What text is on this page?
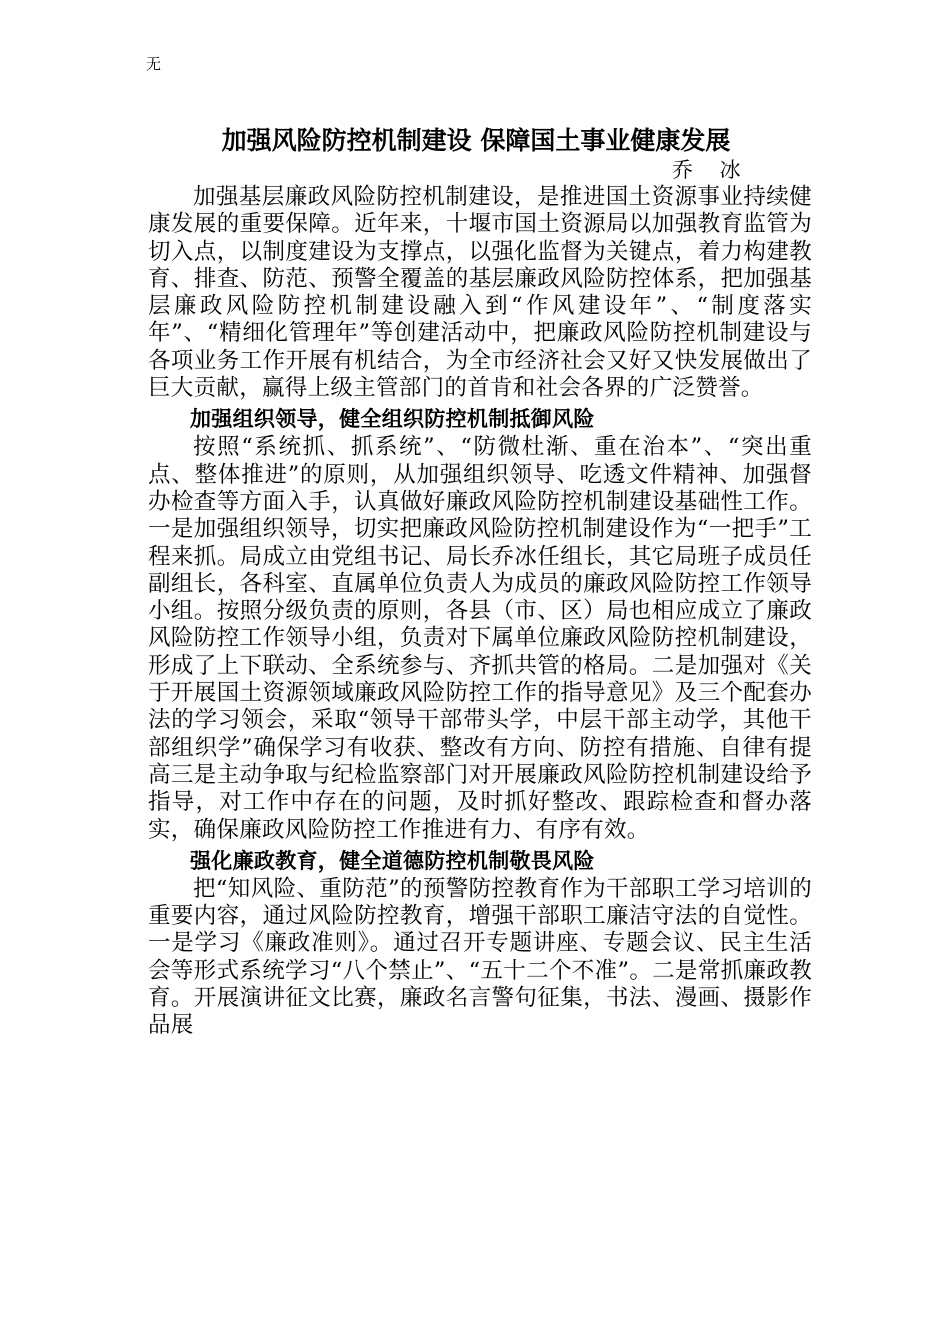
无
加强风险防控机制建设 保障国土事业健康发展
乔 冰

加强基层廉政风险防控机制建设，是推进国土资源事业持续健康发展的重要保障。近年来，十堰市国土资源局以加强教育监管为切入点，以制度建设为支撑点，以强化监督为关键点，着力构建教育、排查、防范、预警全覆盖的基层廉政风险防控体系，把加强基层廉政风险防控机制建设融入到“作风建设年”、“制度落实年”、“精细化管理年”等创建活动中，把廉政风险防控机制建设与各项业务工作开展有机结合，为全市经济社会又好又快发展做出了巨大贡献，赢得上级主管部门的首肯和社会各界的广泛赞誉。

加强组织领导，健全组织防控机制抵御风险

按照“系统抓、抓系统”、“防微杜渐、重在治本”、“突出重点、整体推进”的原则，从加强组织领导、吃透文件精神、加强督办检查等方面入手，认真做好廉政风险防控机制建设基础性工作。一是加强组织领导，切实把廉政风险防控机制建设作为“一把手”工程来抓。局成立由党组书记、局长乔冰任组长，其它局班子成员任副组长，各科室、直属单位负责人为成员的廉政风险防控工作领导小组。按照分级负责的原则，各县（市、区）局也相应成立了廉政风险防控工作领导小组，负责对下属单位廉政风险防控机制建设，形成了上下联动、全系统参与、齐抓共管的格局。二是加强对《关于开展国土资源领域廉政风险防控工作的指导意见》及三个配套办法的学习领会，采取“领导干部带头学，中层干部主动学，其他干部组织学”确保学习有收获、整改有方向、防控有措施、自律有提高三是主动争取与纪检监察部门对开展廉政风险防控机制建设给予指导，对工作中存在的问题，及时抓好整改、跟踪检查和督办落实，确保廉政风险防控工作推进有力、有序有效。

强化廉政教育，健全道德防控机制敬畏风险

把“知风险、重防范”的预警防控教育作为干部职工学习培训的重要内容，通过风险防控教育，增强干部职工廉洁守法的自觉性。一是学习《廉政准则》。通过召开专题讲座、专题会议、民主生活会等形式系统学习“八个禁止”、“五十二个不准”。二是常抓廉政教育。开展演讲征文比赛，廉政名言警句征集，书法、漫画、摄影作品展
